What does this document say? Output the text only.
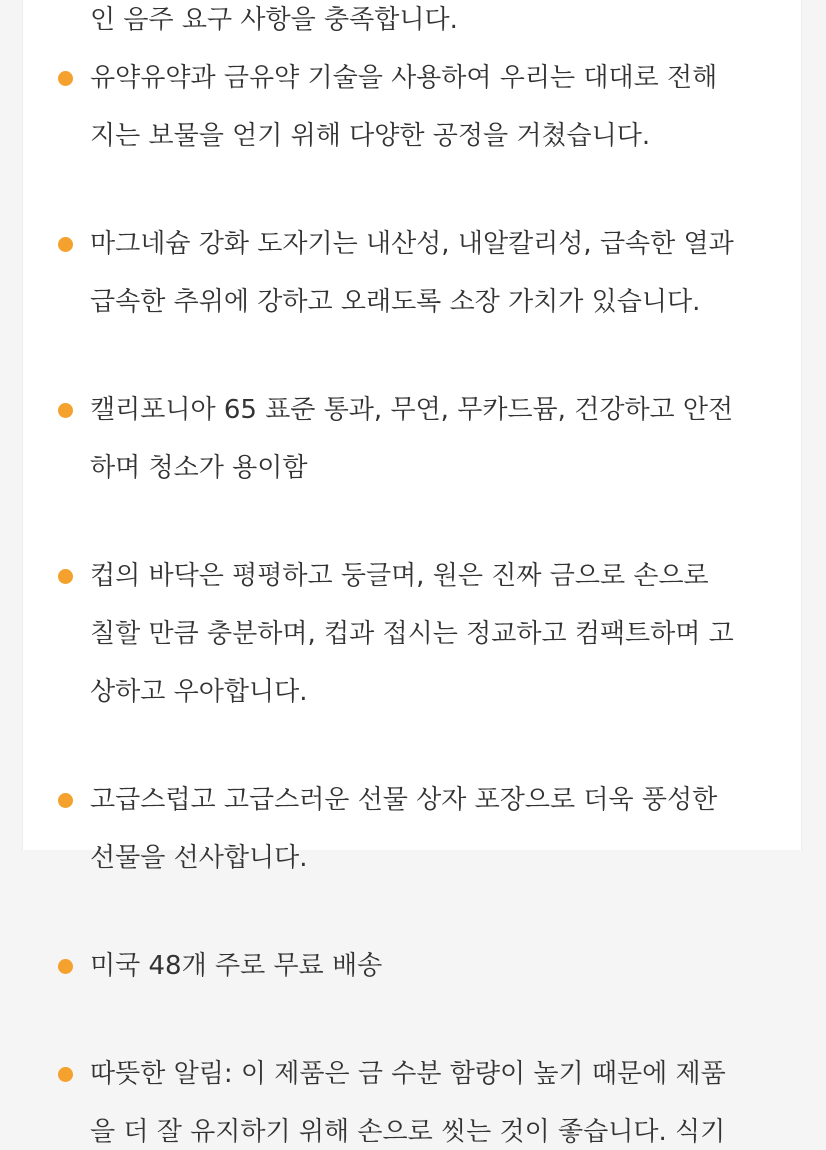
인 음주 요구 사항을 충족합니다.
유약유약과 금유약 기술을 사용하여 우리는 대대로 전해
지는 보물을 얻기 위해 다양한 공정을 거쳤습니다.
마그네슘 강화 도자기는 내산성, 내알칼리성, 급속한 열과
급속한 추위에 강하고 오래도록 소장 가치가 있습니다.
캘리포니아 65 표준 통과, 무연, 무카드뮴, 건강하고 안전
하며 청소가 용이함
컵의 바닥은 평평하고 둥글며, 원은 진짜 금으로 손으로
칠할 만큼 충분하며, 컵과 접시는 정교하고 컴팩트하며 고
상하고 우아합니다.
고급스럽고 고급스러운 선물 상자 포장으로 더욱 풍성한
선물을 선사합니다.
미국 48개 주로 무료 배송
따뜻한 알림: 이 제품은 금 수분 함량이 높기 때문에 제품
을 더 잘 유지하기 위해 손으로 씻는 것이 좋습니다. 식기
